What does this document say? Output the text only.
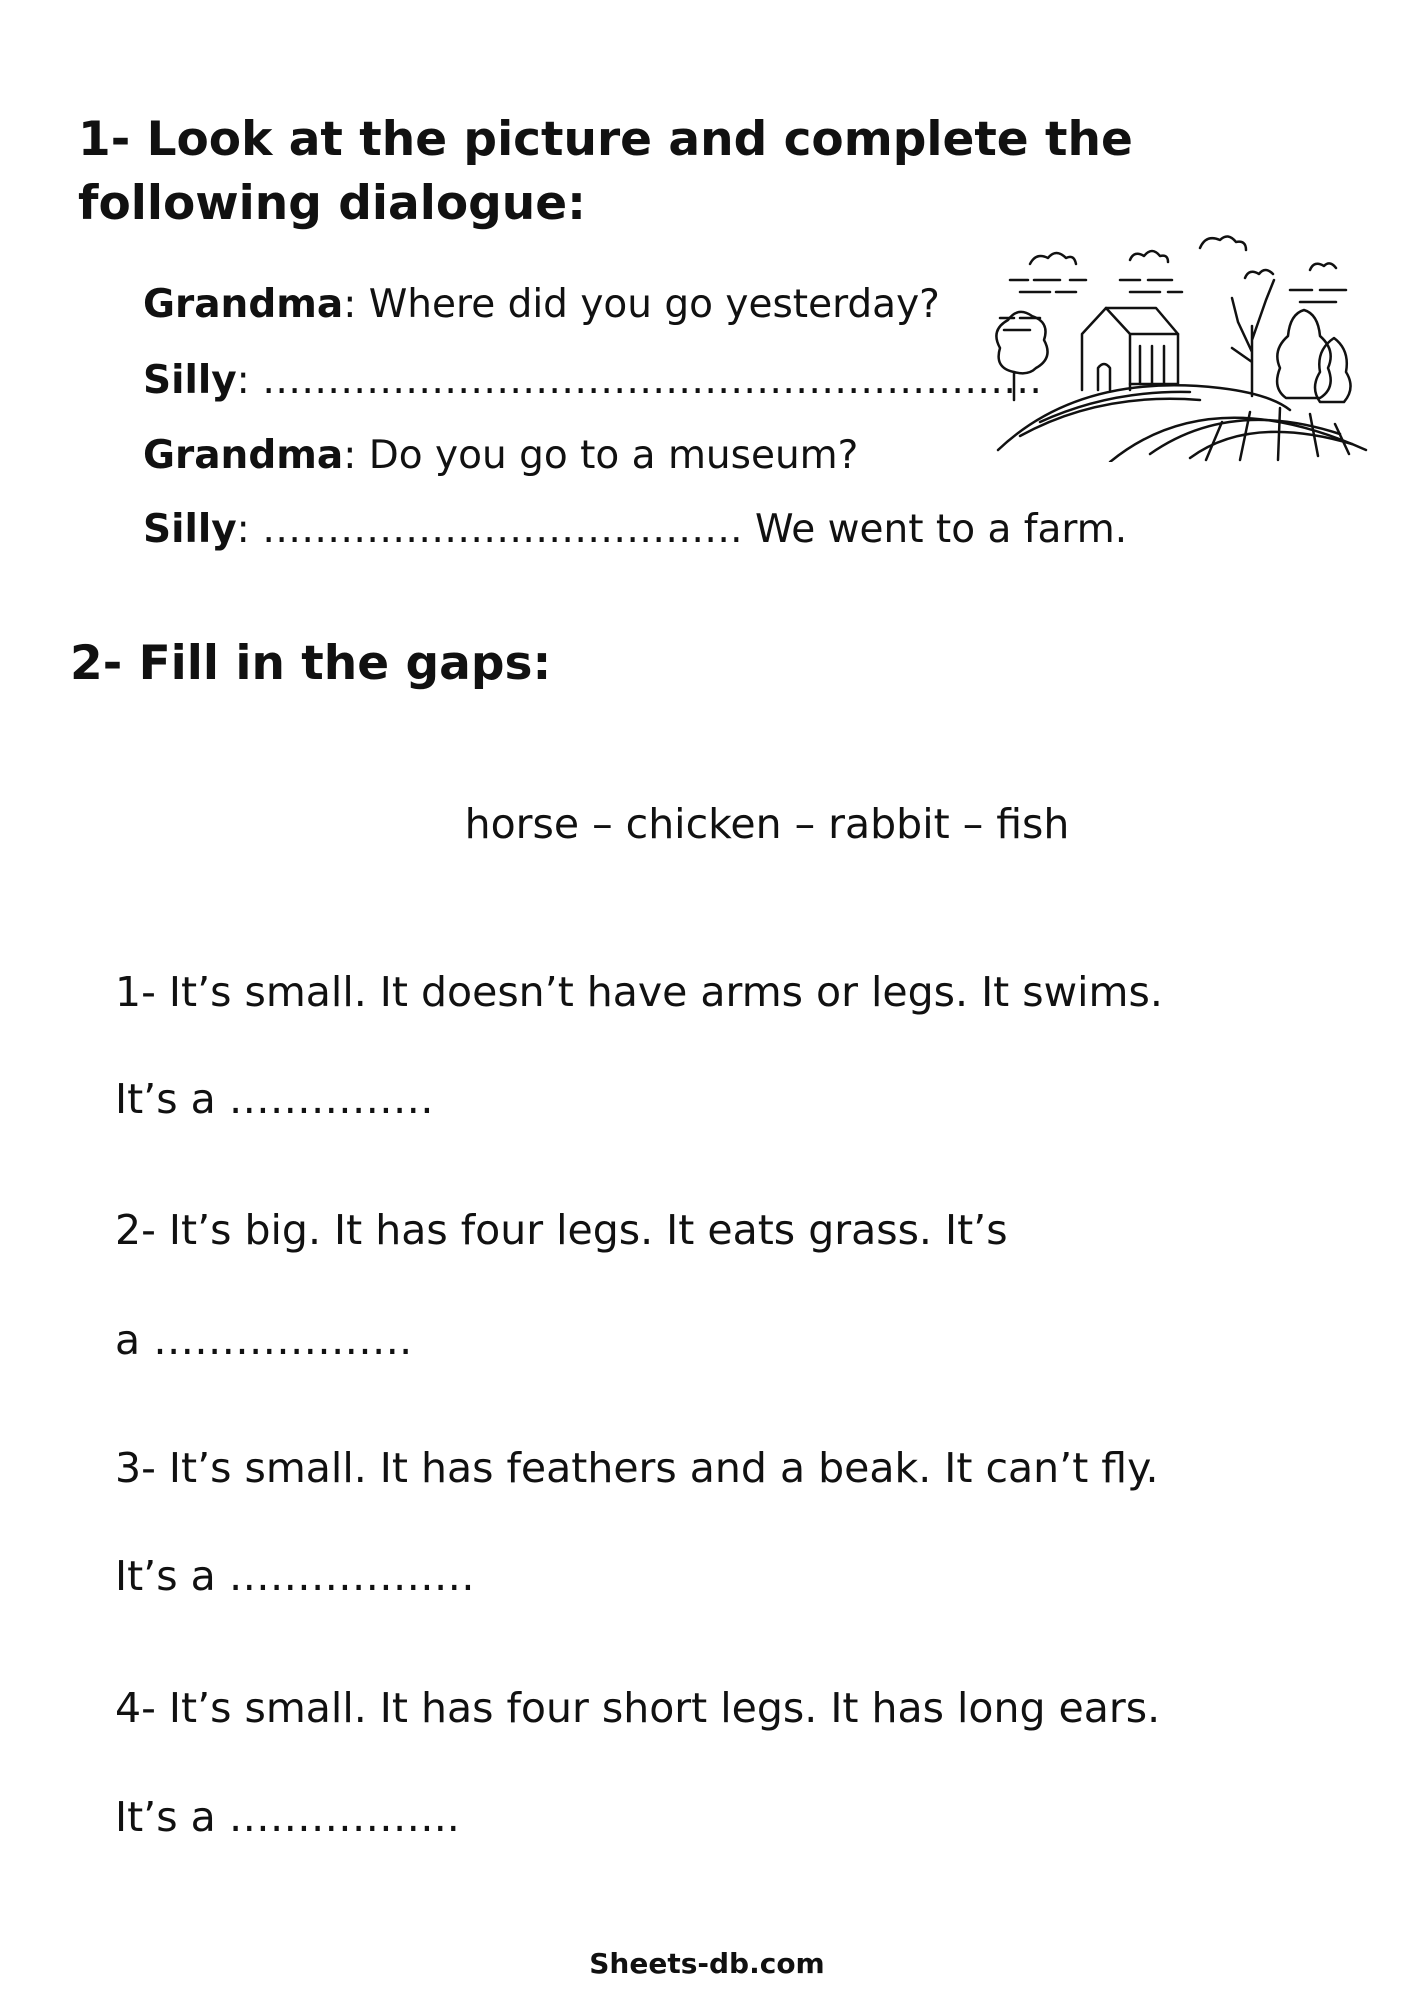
1- Look at the picture and complete the following dialogue:
Grandma: Where did you go yesterday?
Silly: ……………………………………………………
Grandma: Do you go to a museum?
Silly: ………………………………. We went to a farm.
2- Fill in the gaps:
horse – chicken – rabbit – fish
1- It’s small. It doesn’t have arms or legs. It swims.
It’s a ……………
2- It’s big. It has four legs. It eats grass. It’s
a ……………….
3- It’s small. It has feathers and a beak. It can’t fly.
It’s a ………………
4- It’s small. It has four short legs. It has long ears.
It’s a ……………..
Sheets-db.com
